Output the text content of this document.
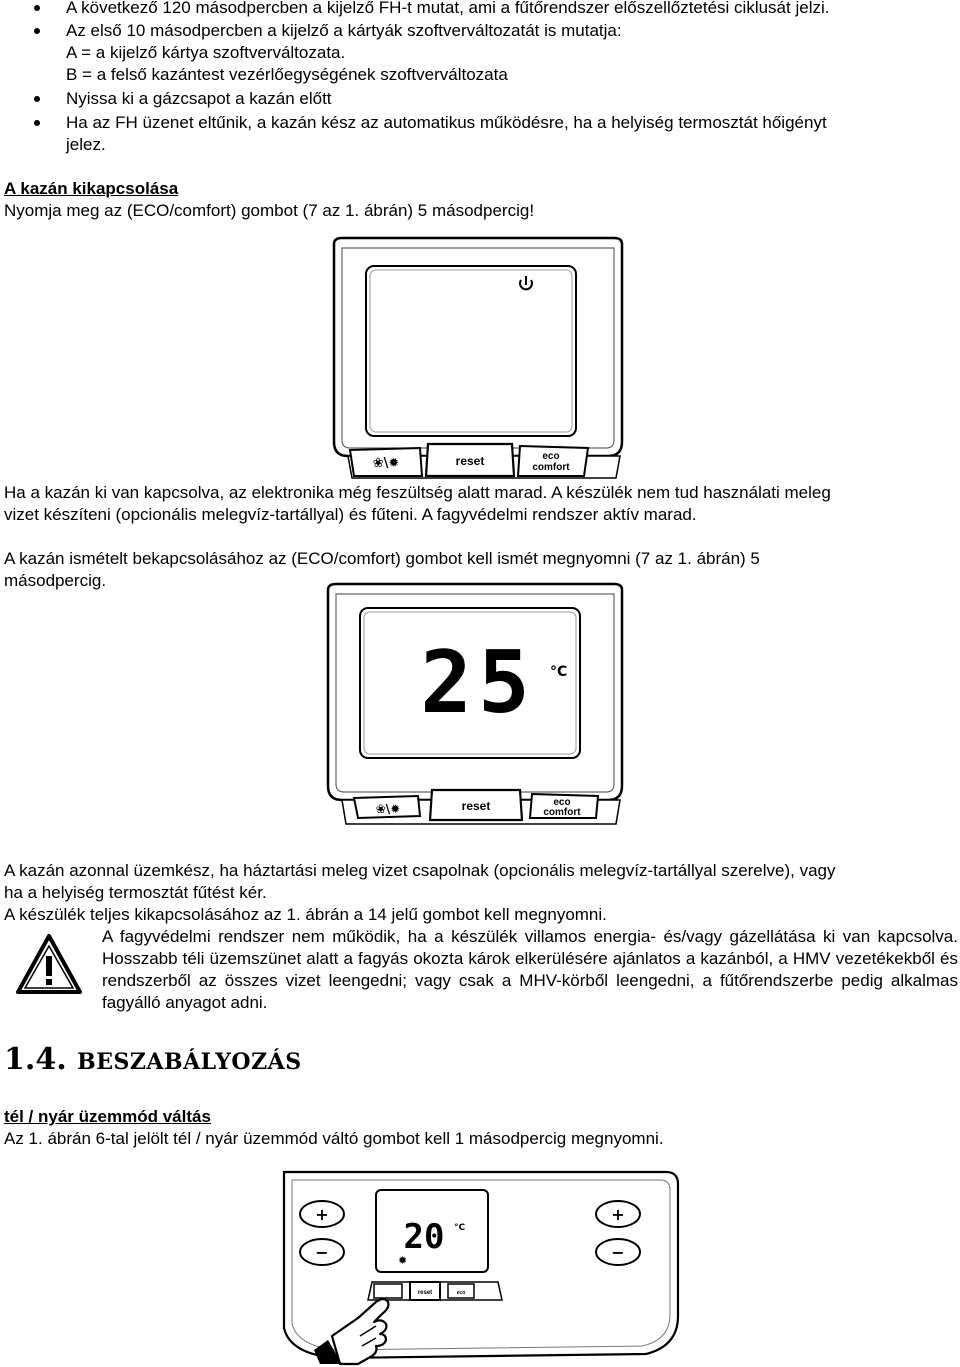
A következő 120 másodpercben a kijelző FH-t mutat, ami a fűtőrendszer előszellőztetési ciklusát jelzi.
Az első 10 másodpercben a kijelző a kártyák szoftverváltozatát is mutatja:
A = a kijelző kártya szoftverváltozata.
B = a felső kazántest vezérlőegységének szoftverváltozata
Nyissa ki a gázcsapot a kazán előtt
Ha az FH üzenet eltűnik, a kazán kész az automatikus működésre, ha a helyiség termosztát hőigényt
jelez.
A kazán kikapcsolása
Nyomja meg az (ECO/comfort) gombot (7 az 1. ábrán) 5 másodpercig!
❀\✹	reset	eco
comfort
Ha a kazán ki van kapcsolva, az elektronika még feszültség alatt marad. A készülék nem tud használati meleg
vizet készíteni (opcionális melegvíz-tartállyal) és fűteni. A fagyvédelmi rendszer aktív marad.
A kazán ismételt bekapcsolásához az (ECO/comfort) gombot kell ismét megnyomni (7 az 1. ábrán) 5
másodpercig.
25 °C
❀\✹	reset	eco
comfort
A kazán azonnal üzemkész, ha háztartási meleg vizet csapolnak (opcionális melegvíz-tartállyal szerelve), vagy
ha a helyiség termosztát fűtést kér.
A készülék teljes kikapcsolásához az 1. ábrán a 14 jelű gombot kell megnyomni.
A fagyvédelmi rendszer nem működik, ha a készülék villamos energia- és/vagy gázellátása ki van kapcsolva. Hosszabb téli üzemszünet alatt a fagyás okozta károk elkerülésére ajánlatos a kazánból, a HMV vezetékekből és rendszerből az összes vizet leengedni; vagy csak a MHV-körből leengedni, a fűtőrendszerbe pedig alkalmas fagyálló anyagot adni.
1.4. BESZABÁLYOZÁS
tél / nyár üzemmód váltás
Az 1. ábrán 6-tal jelölt tél / nyár üzemmód váltó gombot kell 1 másodpercig megnyomni.
+
−
+
−
20 °C
✹
reset	eco
